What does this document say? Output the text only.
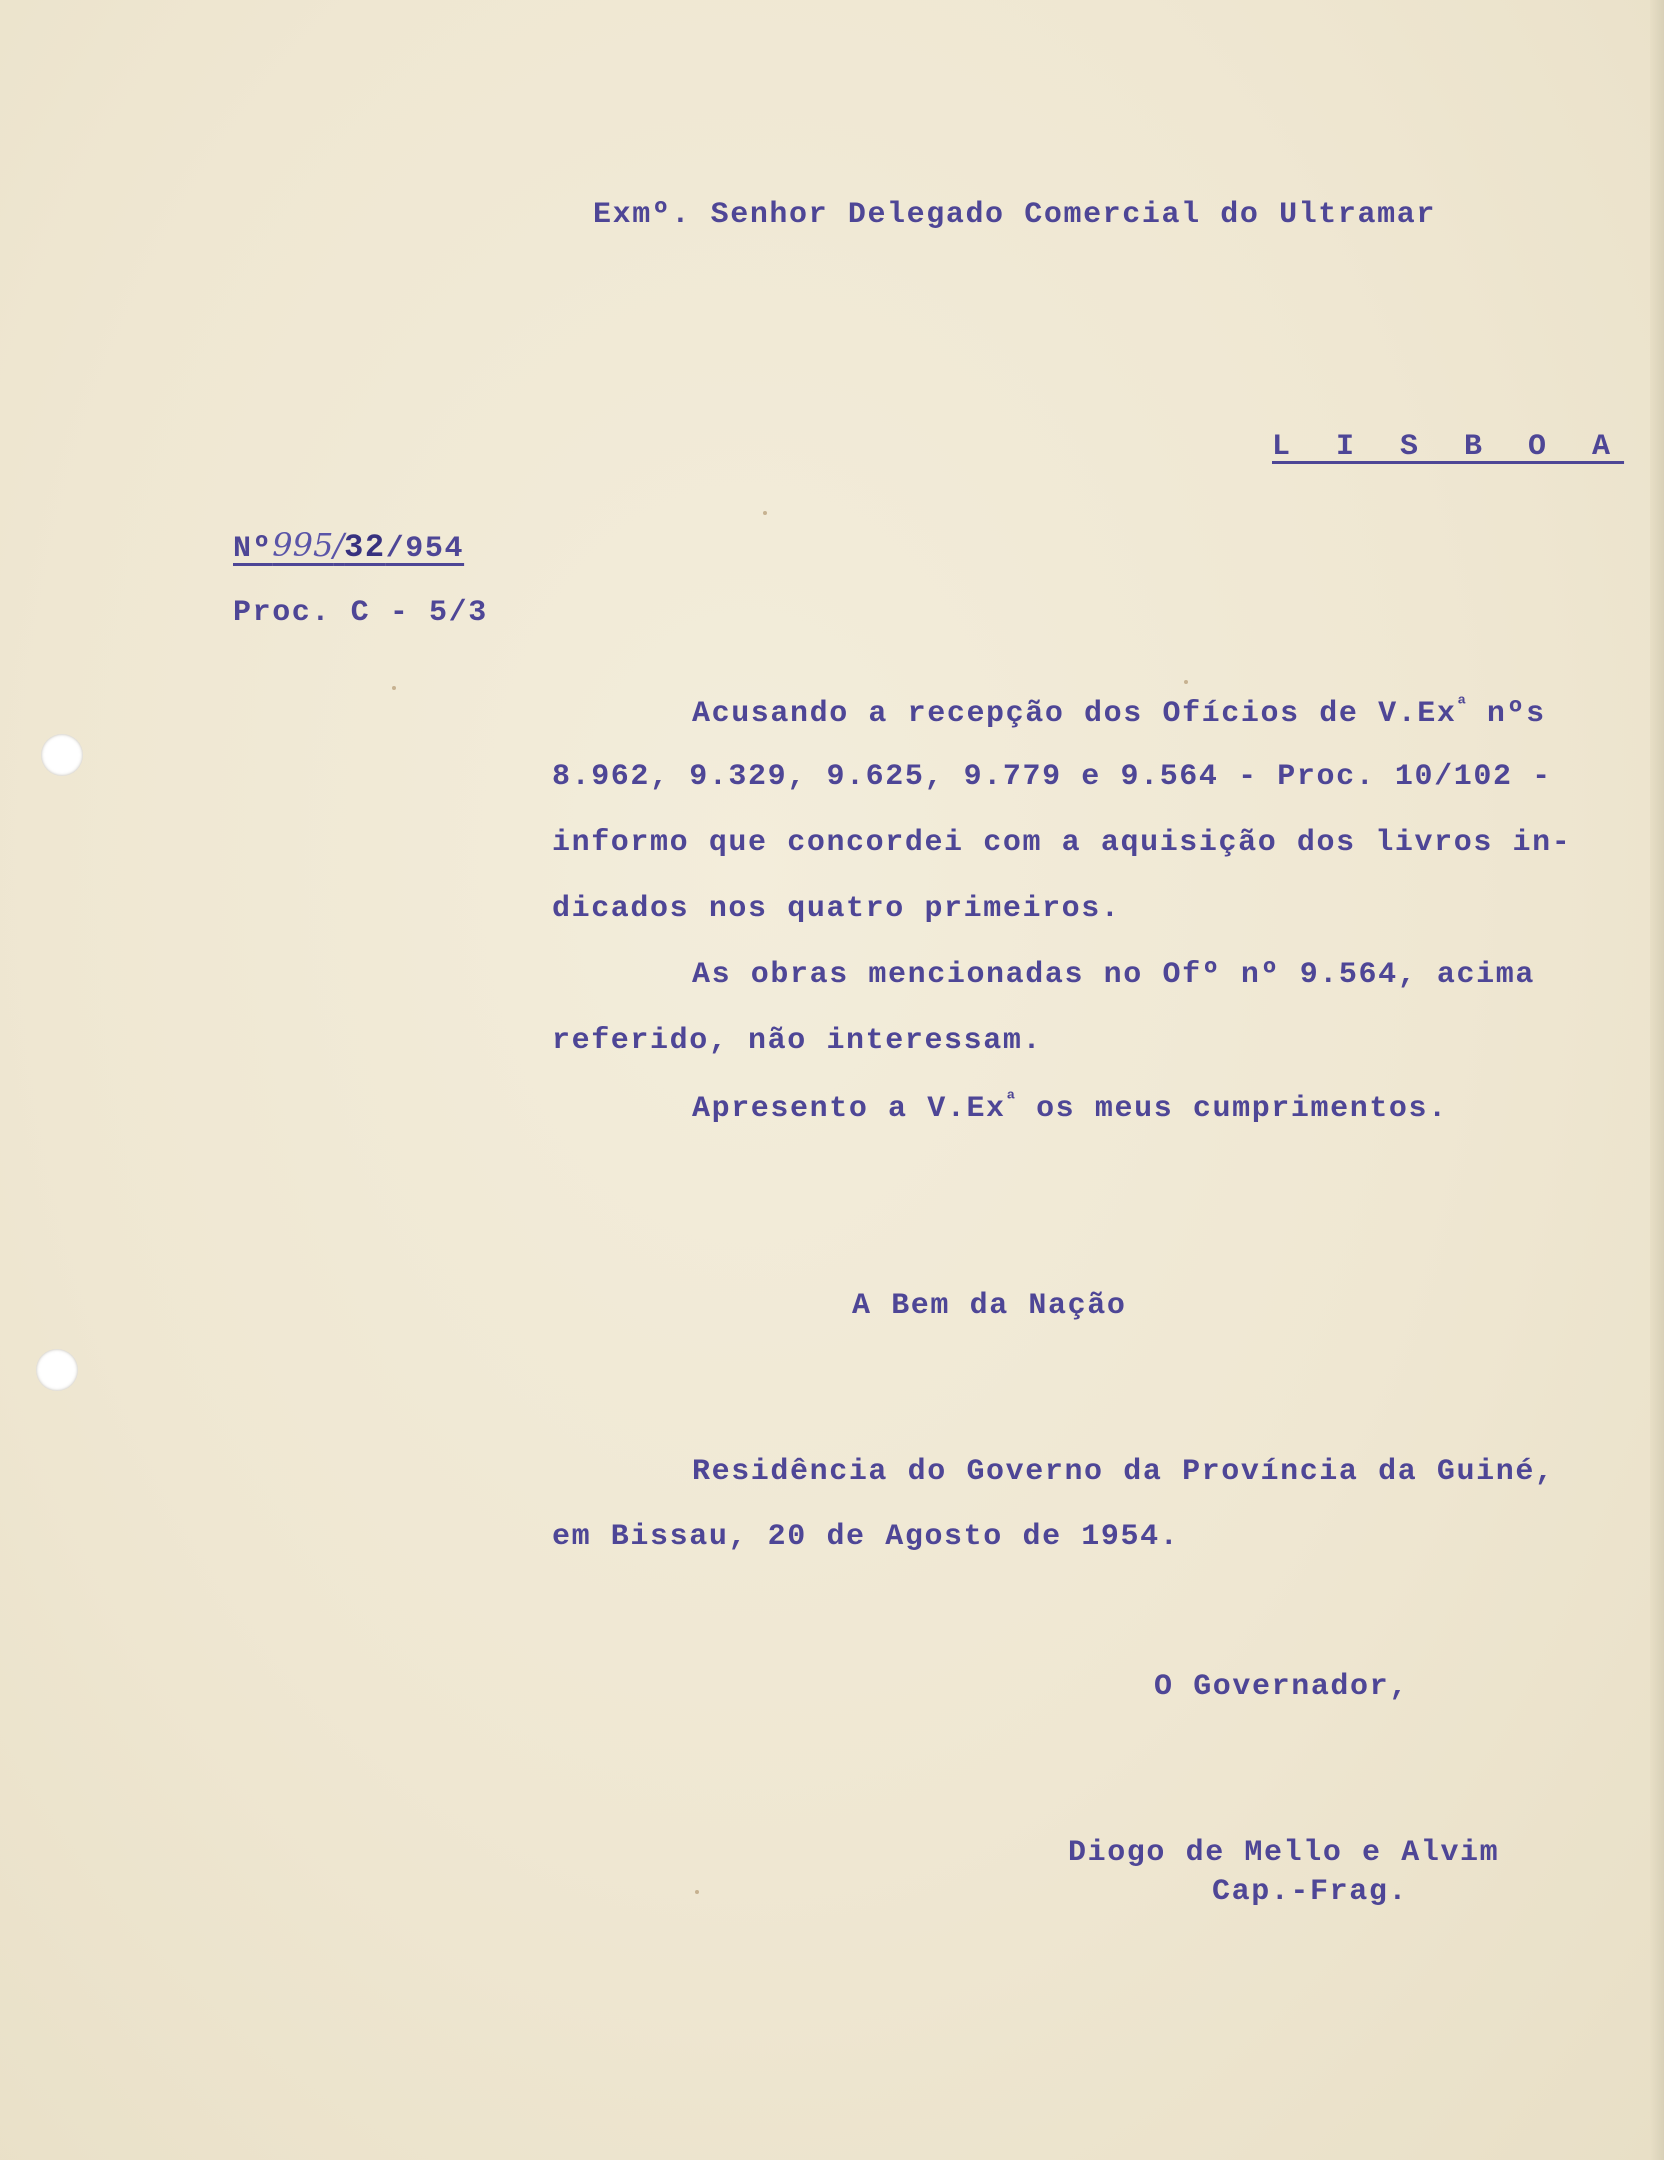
Exmº. Senhor Delegado Comercial do Ultramar
L I S B O A
Nº995/32/954
Proc. C - 5/3
Acusando a recepção dos Ofícios de $V.Ex^ª$ nºs
8.962, 9.329, 9.625, 9.779 e 9.564 - Proc. 10/102 -
informo que concordei com a aquisição dos livros in-
dicados nos quatro primeiros.
As obras mencionadas no Ofº nº 9.564, acima
referido, não interessam.
Apresento a $V.Ex^ª$ os meus cumprimentos.
A Bem da Nação
Residência do Governo da Província da Guiné,
em Bissau, 20 de Agosto de 1954.
O Governador,
Diogo de Mello e Alvim
Cap.-Frag.
